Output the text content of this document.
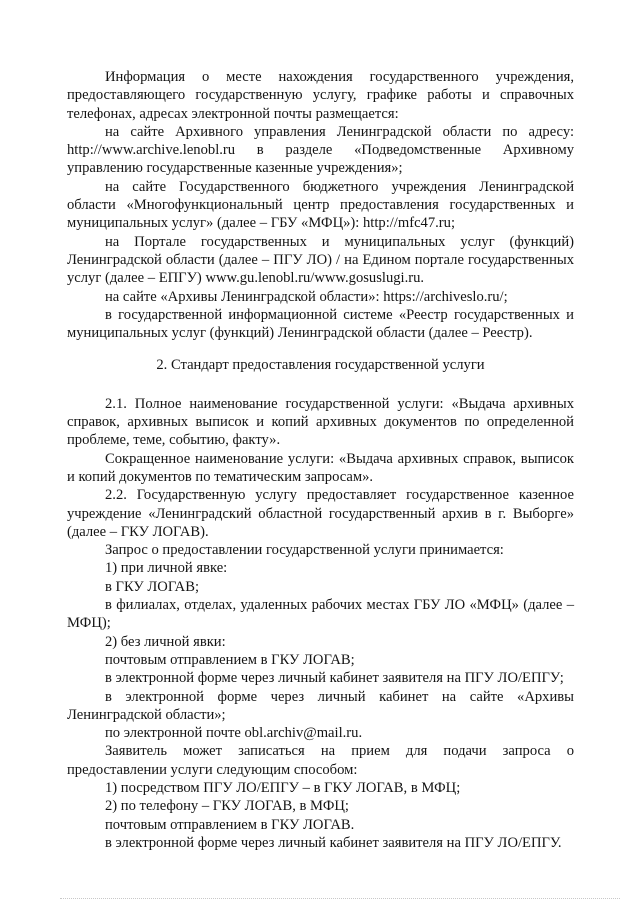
Информация о месте нахождения государственного учреждения, предоставляющего государственную услугу, графике работы и справочных телефонах, адресах электронной почты размещается:

на сайте Архивного управления Ленинградской области по адресу: http://www.archive.lenobl.ru в разделе «Подведомственные Архивному управлению государственные казенные учреждения»;

на сайте Государственного бюджетного учреждения Ленинградской области «Многофункциональный центр предоставления государственных и муниципальных услуг» (далее – ГБУ «МФЦ»): http://mfc47.ru;

на Портале государственных и муниципальных услуг (функций) Ленинградской области (далее – ПГУ ЛО) / на Едином портале государственных услуг (далее – ЕПГУ) www.gu.lenobl.ru/www.gosuslugi.ru.

на сайте «Архивы Ленинградской области»: https://archiveslo.ru/;

в государственной информационной системе «Реестр государственных и муниципальных услуг (функций) Ленинградской области (далее – Реестр).

2. Стандарт предоставления государственной услуги

2.1. Полное наименование государственной услуги: «Выдача архивных справок, архивных выписок и копий архивных документов по определенной проблеме, теме, событию, факту».

Сокращенное наименование услуги: «Выдача архивных справок, выписок и копий документов по тематическим запросам».

2.2. Государственную услугу предоставляет государственное казенное учреждение «Ленинградский областной государственный архив в г. Выборге» (далее – ГКУ ЛОГАВ).

Запрос о предоставлении государственной услуги принимается:

1) при личной явке:

в ГКУ ЛОГАВ;

в филиалах, отделах, удаленных рабочих местах ГБУ ЛО «МФЦ» (далее – МФЦ);

2) без личной явки:

почтовым отправлением в ГКУ ЛОГАВ;

в электронной форме через личный кабинет заявителя на ПГУ ЛО/ЕПГУ;

в электронной форме через личный кабинет на сайте «Архивы Ленинградской области»;

по электронной почте obl.archiv@mail.ru.

Заявитель может записаться на прием для подачи запроса о предоставлении услуги следующим способом:

1) посредством ПГУ ЛО/ЕПГУ – в ГКУ ЛОГАВ, в МФЦ;

2) по телефону – ГКУ ЛОГАВ, в МФЦ;

почтовым отправлением в ГКУ ЛОГАВ.

в электронной форме через личный кабинет заявителя на ПГУ ЛО/ЕПГУ.
